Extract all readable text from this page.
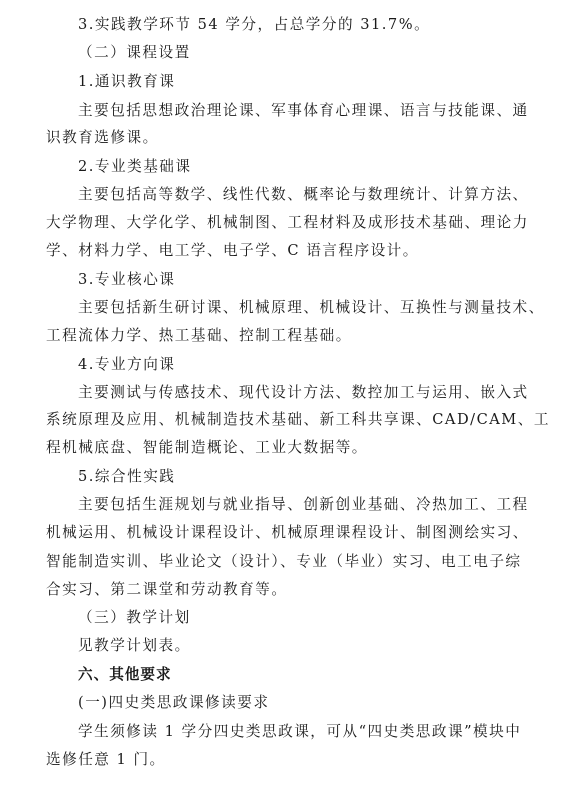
3.实践教学环节 54 学分，占总学分的 31.7%。
（二）课程设置
1.通识教育课
主要包括思想政治理论课、军事体育心理课、语言与技能课、通
识教育选修课。
2.专业类基础课
主要包括高等数学、线性代数、概率论与数理统计、计算方法、
大学物理、大学化学、机械制图、工程材料及成形技术基础、理论力
学、材料力学、电工学、电子学、C 语言程序设计。
3.专业核心课
主要包括新生研讨课、机械原理、机械设计、互换性与测量技术、
工程流体力学、热工基础、控制工程基础。
4.专业方向课
主要测试与传感技术、现代设计方法、数控加工与运用、嵌入式
系统原理及应用、机械制造技术基础、新工科共享课、CAD/CAM、工
程机械底盘、智能制造概论、工业大数据等。
5.综合性实践
主要包括生涯规划与就业指导、创新创业基础、冷热加工、工程
机械运用、机械设计课程设计、机械原理课程设计、制图测绘实习、
智能制造实训、毕业论文（设计）、专业（毕业）实习、电工电子综
合实习、第二课堂和劳动教育等。
（三）教学计划
见教学计划表。
六、其他要求
(一)四史类思政课修读要求
学生须修读 1 学分四史类思政课，可从“四史类思政课”模块中
选修任意 1 门。
